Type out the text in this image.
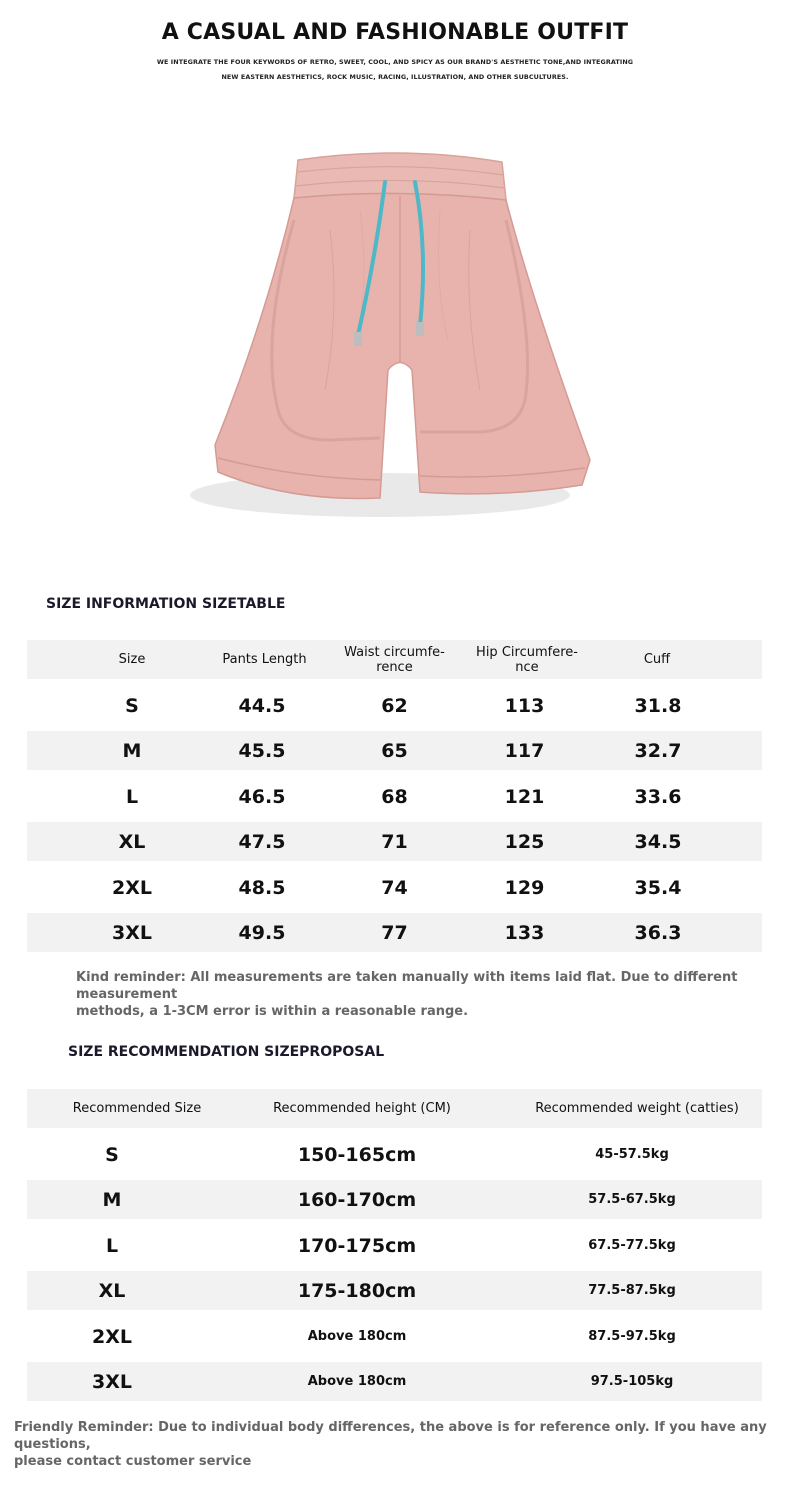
A CASUAL AND FASHIONABLE OUTFIT
WE INTEGRATE THE FOUR KEYWORDS OF RETRO, SWEET, COOL, AND SPICY AS OUR BRAND'S AESTHETIC TONE,AND INTEGRATING
NEW EASTERN AESTHETICS, ROCK MUSIC, RACING, ILLUSTRATION, AND OTHER SUBCULTURES.
SIZE INFORMATION SIZETABLE
Size	Pants Length	Waist circumfe-
rence
Hip Circumfere-
nce	Cuff
S	44.5	62	113	31.8
M	45.5	65	117	32.7
L	46.5	68	121	33.6
XL	47.5	71	125	34.5
2XL	48.5	74	129	35.4
3XL	49.5	77	133	36.3
Kind reminder: All measurements are taken manually with items laid flat. Due to different measurement
methods, a 1-3CM error is within a reasonable range.
SIZE RECOMMENDATION SIZEPROPOSAL
Recommended Size	Recommended height (CM)	Recommended weight (catties)
S	150-165cm	45-57.5kg
M	160-170cm	57.5-67.5kg
L	170-175cm	67.5-77.5kg
XL	175-180cm	77.5-87.5kg
2XL	Above 180cm	87.5-97.5kg
3XL	Above 180cm	97.5-105kg
Friendly Reminder: Due to individual body differences, the above is for reference only. If you have any questions,
please contact customer service
